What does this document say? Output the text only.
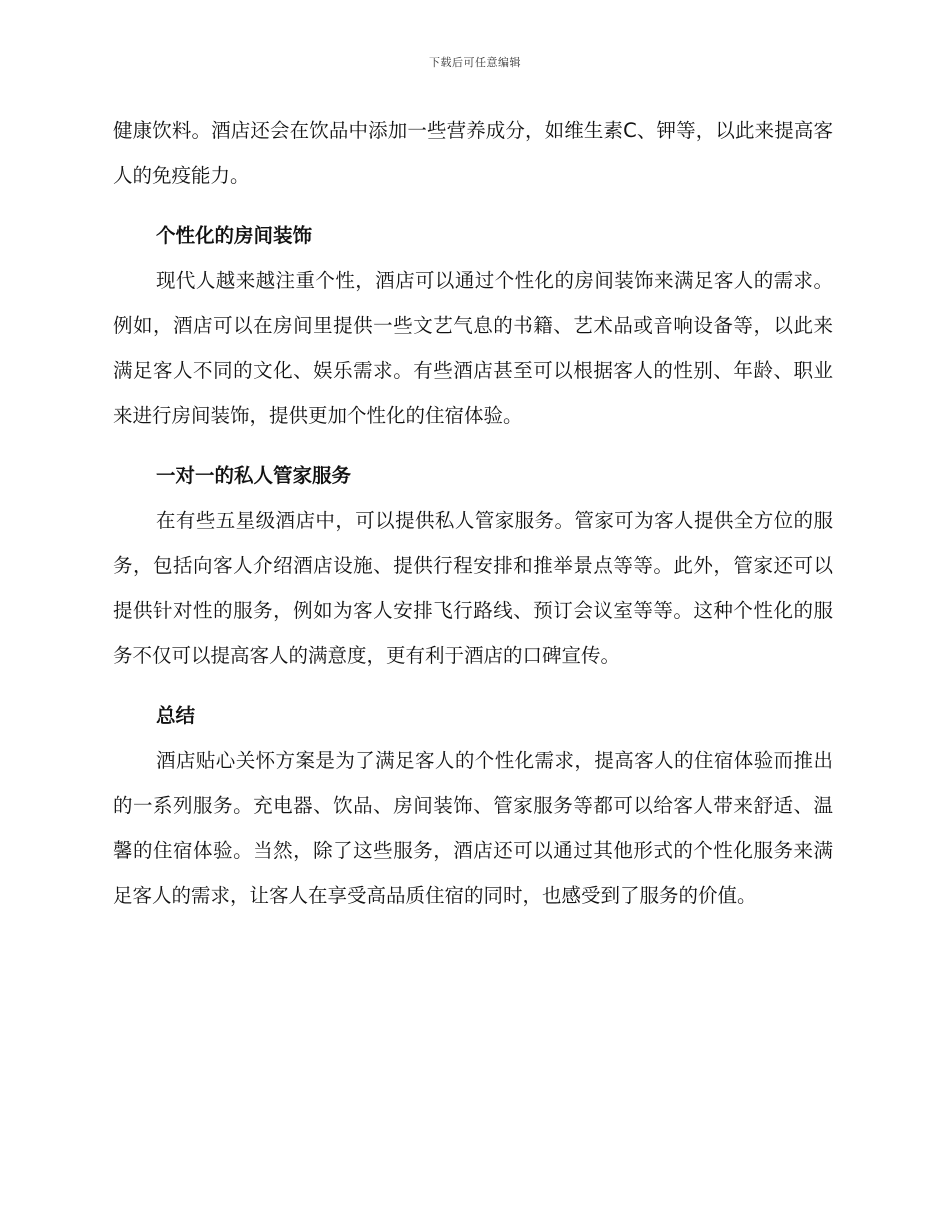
下载后可任意编辑

健康饮料。酒店还会在饮品中添加一些营养成分，如维生素C、钾等，以此来提高客人的免疫能力。

个性化的房间装饰

现代人越来越注重个性，酒店可以通过个性化的房间装饰来满足客人的需求。例如，酒店可以在房间里提供一些文艺气息的书籍、艺术品或音响设备等，以此来满足客人不同的文化、娱乐需求。有些酒店甚至可以根据客人的性别、年龄、职业来进行房间装饰，提供更加个性化的住宿体验。

一对一的私人管家服务

在有些五星级酒店中，可以提供私人管家服务。管家可为客人提供全方位的服务，包括向客人介绍酒店设施、提供行程安排和推举景点等等。此外，管家还可以提供针对性的服务，例如为客人安排飞行路线、预订会议室等等。这种个性化的服务不仅可以提高客人的满意度，更有利于酒店的口碑宣传。

总结

酒店贴心关怀方案是为了满足客人的个性化需求，提高客人的住宿体验而推出的一系列服务。充电器、饮品、房间装饰、管家服务等都可以给客人带来舒适、温馨的住宿体验。当然，除了这些服务，酒店还可以通过其他形式的个性化服务来满足客人的需求，让客人在享受高品质住宿的同时，也感受到了服务的价值。
